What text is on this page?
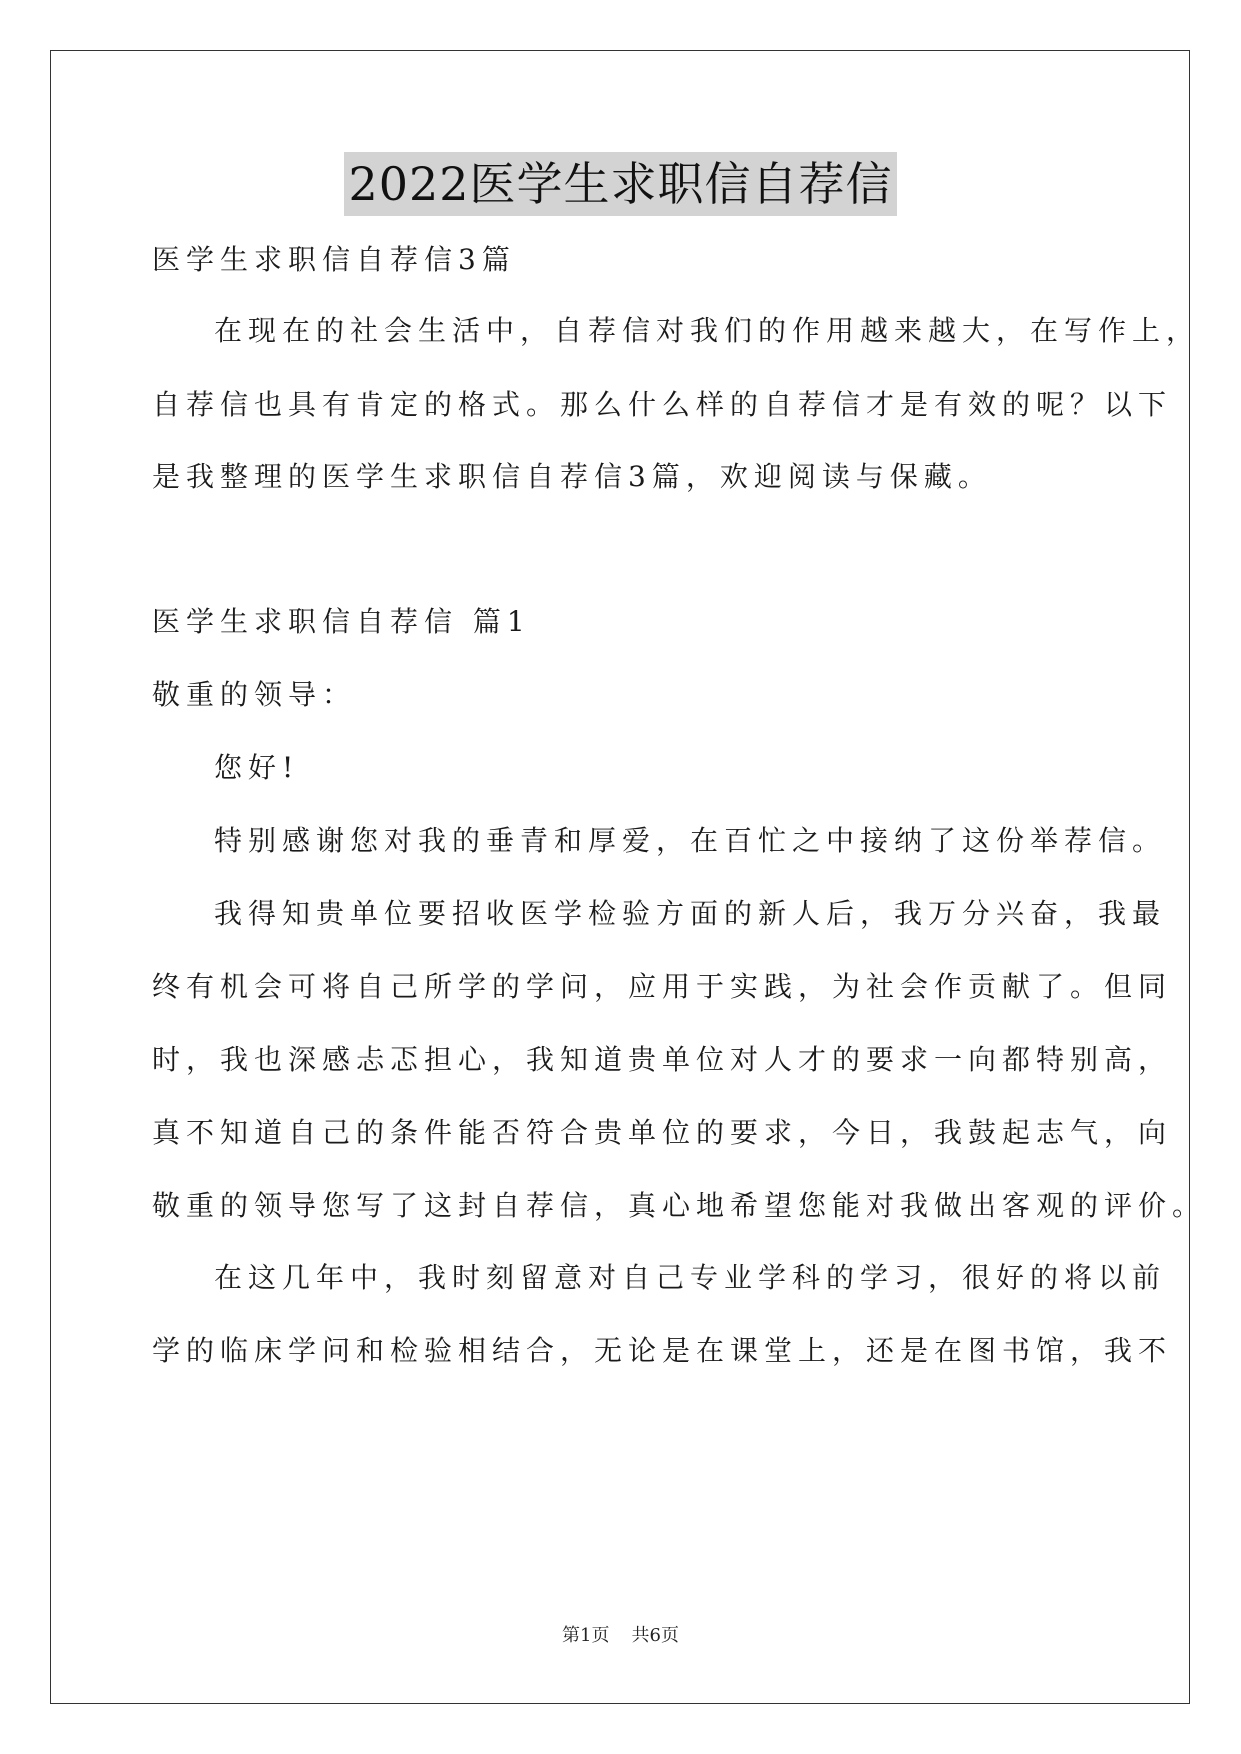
2022医学生求职信自荐信
医学生求职信自荐信3篇
在现在的社会生活中，自荐信对我们的作用越来越大，在写作上，
自荐信也具有肯定的格式。那么什么样的自荐信才是有效的呢？以下
是我整理的医学生求职信自荐信3篇，欢迎阅读与保藏。
医学生求职信自荐信 篇1
敬重的领导：
您好!
特别感谢您对我的垂青和厚爱，在百忙之中接纳了这份举荐信。
我得知贵单位要招收医学检验方面的新人后，我万分兴奋，我最
终有机会可将自己所学的学问，应用于实践，为社会作贡献了。但同
时，我也深感忐忑担心，我知道贵单位对人才的要求一向都特别高，
真不知道自己的条件能否符合贵单位的要求，今日，我鼓起志气，向
敬重的领导您写了这封自荐信，真心地希望您能对我做出客观的评价。
在这几年中，我时刻留意对自己专业学科的学习，很好的将以前
学的临床学问和检验相结合，无论是在课堂上，还是在图书馆，我不
第1页 共6页
